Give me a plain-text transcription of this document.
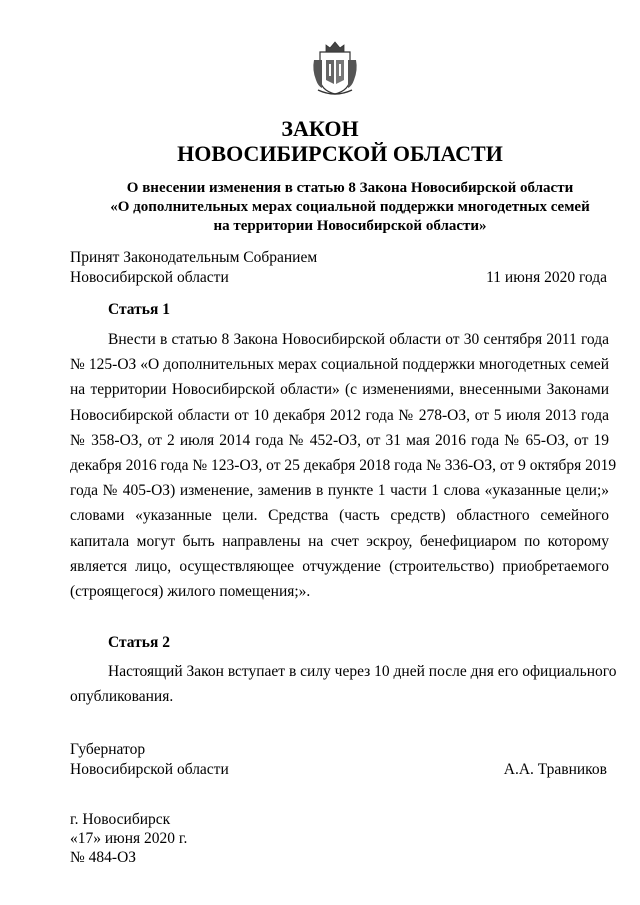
ЗАКОН
НОВОСИБИРСКОЙ ОБЛАСТИ
О внесении изменения в статью 8 Закона Новосибирской области
«О дополнительных мерах социальной поддержки многодетных семей
на территории Новосибирской области»
Принят Законодательным Собранием
Новосибирской области	11 июня 2020 года
Статья 1
Внести в статью 8 Закона Новосибирской области от 30 сентября 2011 года
№ 125-ОЗ «О дополнительных мерах социальной поддержки многодетных семей
на территории Новосибирской области» (с изменениями, внесенными Законами
Новосибирской области от 10 декабря 2012 года № 278-ОЗ, от 5 июля 2013 года
№ 358-ОЗ, от 2 июля 2014 года № 452-ОЗ, от 31 мая 2016 года № 65-ОЗ, от 19
декабря 2016 года № 123-ОЗ, от 25 декабря 2018 года № 336-ОЗ, от 9 октября 2019
года № 405-ОЗ) изменение, заменив в пункте 1 части 1 слова «указанные цели;»
словами «указанные цели. Средства (часть средств) областного семейного
капитала могут быть направлены на счет эскроу, бенефициаром по которому
является лицо, осуществляющее отчуждение (строительство) приобретаемого
(строящегося) жилого помещения;».
Статья 2
Настоящий Закон вступает в силу через 10 дней после дня его официального
опубликования.
Губернатор
Новосибирской области	А.А. Травников
г. Новосибирск
«17» июня 2020 г.
№ 484-ОЗ
